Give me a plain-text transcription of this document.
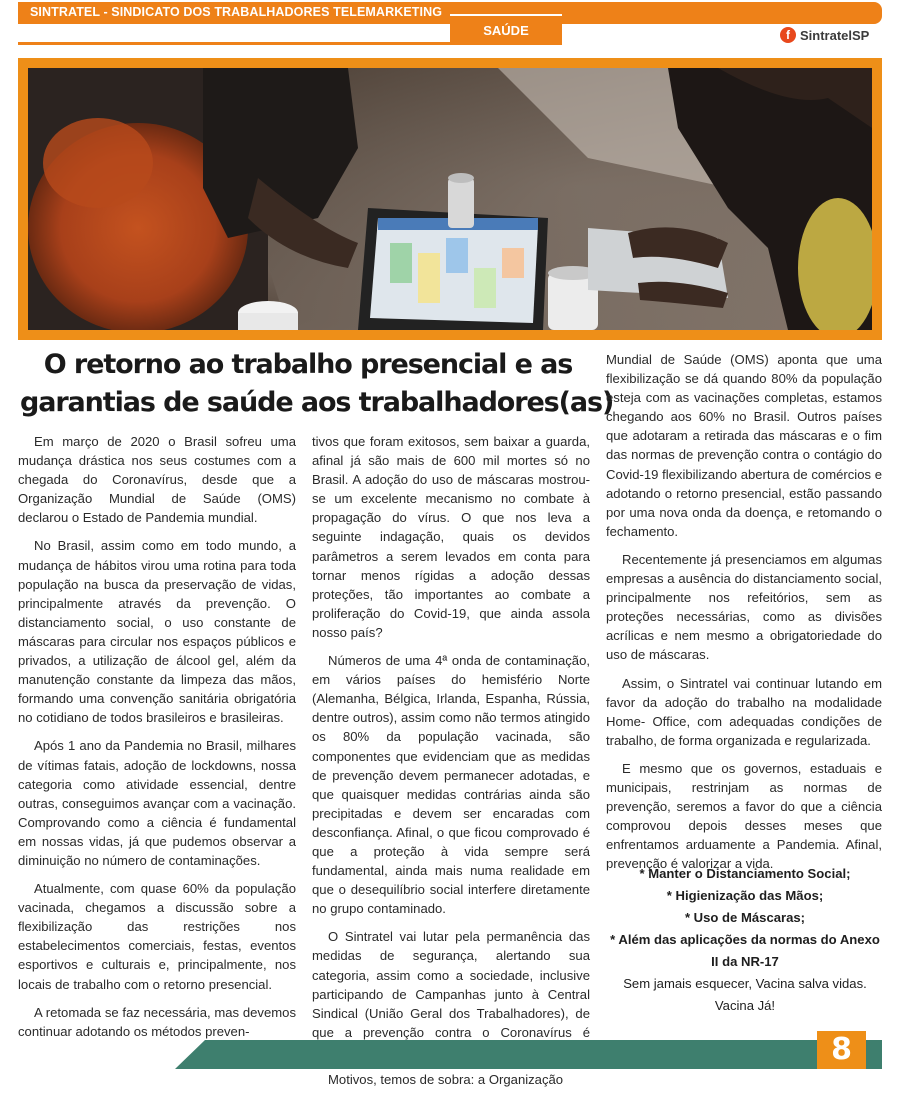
SINTRATEL - SINDICATO DOS TRABALHADORES TELEMARKETING
SAÚDE	f SintratelSP
O retorno ao trabalho presencial e as
garantias de saúde aos trabalhadores(as)

Em março de 2020 o Brasil sofreu uma mudança drástica nos seus costumes com a chegada do Coronavírus, desde que a Organização Mundial de Saúde (OMS) declarou o Estado de Pandemia mundial.

No Brasil, assim como em todo mundo, a mudança de hábitos virou uma rotina para toda população na busca da preservação de vidas, principalmente através da prevenção. O distanciamento social, o uso constante de máscaras para circular nos espaços públicos e privados, a utilização de álcool gel, além da manutenção constante da limpeza das mãos, formando uma convenção sanitária obrigatória no cotidiano de todos brasileiros e brasileiras.

Após 1 ano da Pandemia no Brasil, milhares de vítimas fatais, adoção de lockdowns, nossa categoria como atividade essencial, dentre outras, conseguimos avançar com a vacinação. Comprovando como a ciência é fundamental em nossas vidas, já que pudemos observar a diminuição no número de contaminações.

Atualmente, com quase 60% da população vacinada, chegamos a discussão sobre a flexibilização das restrições nos estabelecimentos comerciais, festas, eventos esportivos e culturais e, principalmente, nos locais de trabalho com o retorno presencial.

A retomada se faz necessária, mas devemos continuar adotando os métodos preven-

tivos que foram exitosos, sem baixar a guarda, afinal já são mais de 600 mil mortes só no Brasil. A adoção do uso de máscaras mostrou-se um excelente mecanismo no combate à propagação do vírus. O que nos leva a seguinte indagação, quais os devidos parâmetros a serem levados em conta para tornar menos rígidas a adoção dessas proteções, tão importantes ao combate a proliferação do Covid-19, que ainda assola nosso país?

Números de uma 4ª onda de contaminação, em vários países do hemisfério Norte (Alemanha, Bélgica, Irlanda, Espanha, Rússia, dentre outros), assim como não termos atingido os 80% da população vacinada, são componentes que evidenciam que as medidas de prevenção devem permanecer adotadas, e que quaisquer medidas contrárias ainda são precipitadas e devem ser encaradas com desconfiança. Afinal, o que ficou comprovado é que a proteção à vida sempre será fundamental, ainda mais numa realidade em que o desequilíbrio social interfere diretamente no grupo contaminado.

O Sintratel vai lutar pela permanência das medidas de segurança, alertando sua categoria, assim como a sociedade, inclusive participando de Campanhas junto à Central Sindical (União Geral dos Trabalhadores), de que a prevenção contra o Coronavírus é

Motivos, temos de sobra: a Organização

Mundial de Saúde (OMS) aponta que uma flexibilização se dá quando 80% da população esteja com as vacinações completas, estamos chegando aos 60% no Brasil. Outros países que adotaram a retirada das máscaras e o fim das normas de prevenção contra o contágio do Covid-19 flexibilizando abertura de comércios e adotando o retorno presencial, estão passando por uma nova onda da doença, e retomando o fechamento.

Recentemente já presenciamos em algumas empresas a ausência do distanciamento social, principalmente nos refeitórios, sem as proteções necessárias, como as divisões acrílicas e nem mesmo a obrigatoriedade do uso de máscaras.

Assim, o Sintratel vai continuar lutando em favor da adoção do trabalho na modalidade Home- Office, com adequadas condições de trabalho, de forma organizada e regularizada.

E mesmo que os governos, estaduais e municipais, restrinjam as normas de prevenção, seremos a favor do que a ciência comprovou depois desses meses que enfrentamos arduamente a Pandemia. Afinal, prevenção é valorizar a vida.

* Manter o Distanciamento Social;
* Higienização das Mãos;
* Uso de Máscaras;
* Além das aplicações da normas do Anexo
II da NR-17
Sem jamais esquecer, Vacina salva vidas.
Vacina Já!
8
